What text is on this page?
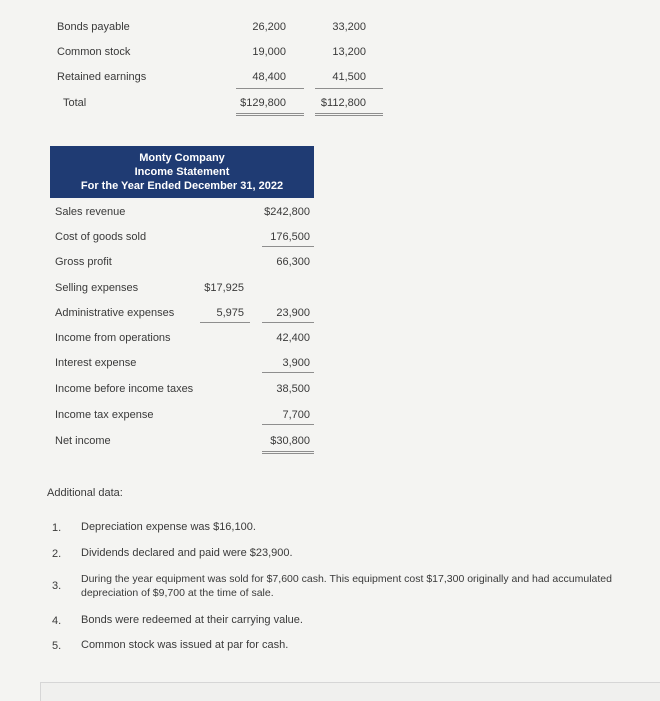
Bonds payable	26,200	33,200
Common stock	19,000	13,200
Retained earnings	48,400	41,500
Total	$129,800	$112,800
Monty Company
Income Statement
For the Year Ended December 31, 2022
Sales revenue	$242,800
Cost of goods sold	176,500
Gross profit	66,300
Selling expenses	$17,925
Administrative expenses	5,975	23,900
Income from operations	42,400
Interest expense	3,900
Income before income taxes	38,500
Income tax expense	7,700
Net income	$30,800
Additional data:
1. Depreciation expense was $16,100.
2. Dividends declared and paid were $23,900.
3.
During the year equipment was sold for $7,600 cash. This equipment cost $17,300 originally and had accumulated
depreciation of $9,700 at the time of sale.
4. Bonds were redeemed at their carrying value.
5. Common stock was issued at par for cash.
